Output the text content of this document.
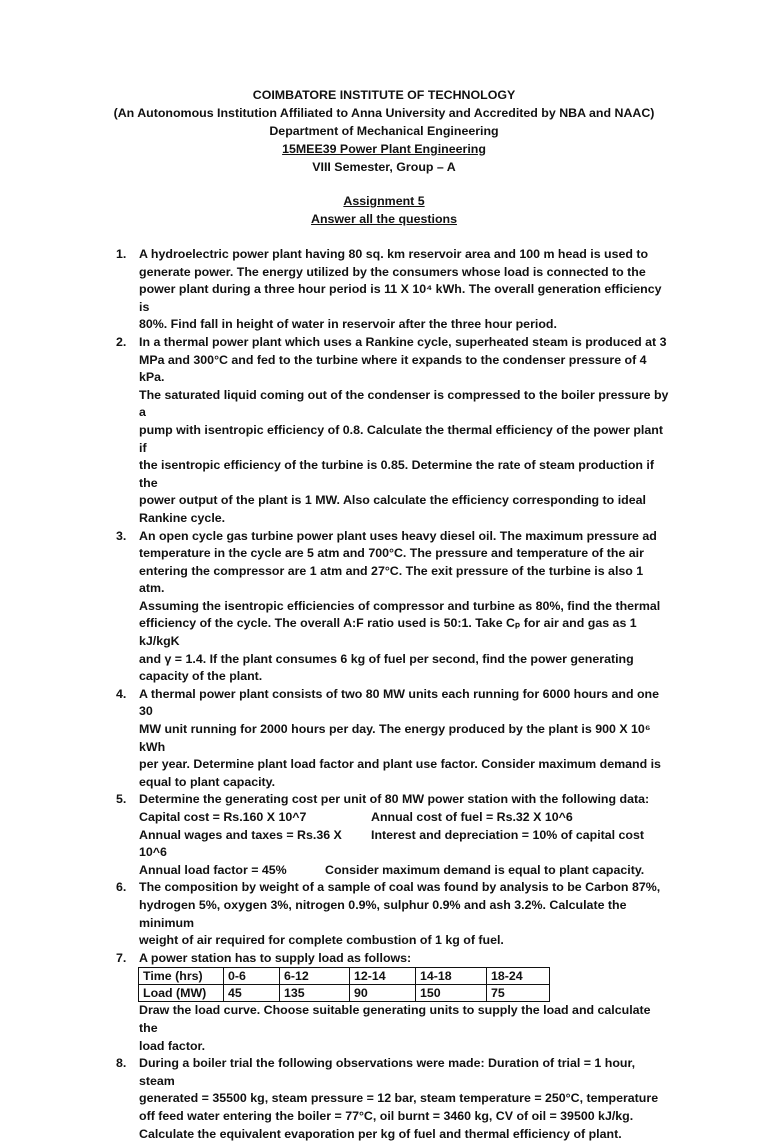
COIMBATORE INSTITUTE OF TECHNOLOGY
(An Autonomous Institution Affiliated to Anna University and Accredited by NBA and NAAC)
Department of Mechanical Engineering
15MEE39 Power Plant Engineering
VIII Semester, Group – A
Assignment 5
Answer all the questions
1. A hydroelectric power plant having 80 sq. km reservoir area and 100 m head is used to
generate power. The energy utilized by the consumers whose load is connected to the
power plant during a three hour period is 11 X 10⁴ kWh. The overall generation efficiency is
80%. Find fall in height of water in reservoir after the three hour period.
2. In a thermal power plant which uses a Rankine cycle, superheated steam is produced at 3
MPa and 300°C and fed to the turbine where it expands to the condenser pressure of 4 kPa.
The saturated liquid coming out of the condenser is compressed to the boiler pressure by a
pump with isentropic efficiency of 0.8. Calculate the thermal efficiency of the power plant if
the isentropic efficiency of the turbine is 0.85. Determine the rate of steam production if the
power output of the plant is 1 MW. Also calculate the efficiency corresponding to ideal
Rankine cycle.
3. An open cycle gas turbine power plant uses heavy diesel oil. The maximum pressure ad
temperature in the cycle are 5 atm and 700°C. The pressure and temperature of the air
entering the compressor are 1 atm and 27°C. The exit pressure of the turbine is also 1 atm.
Assuming the isentropic efficiencies of compressor and turbine as 80%, find the thermal
efficiency of the cycle. The overall A:F ratio used is 50:1. Take Cₚ for air and gas as 1 kJ/kgK
and γ = 1.4. If the plant consumes 6 kg of fuel per second, find the power generating
capacity of the plant.
4. A thermal power plant consists of two 80 MW units each running for 6000 hours and one 30
MW unit running for 2000 hours per day. The energy produced by the plant is 900 X 10⁶ kWh
per year. Determine plant load factor and plant use factor. Consider maximum demand is
equal to plant capacity.
5. Determine the generating cost per unit of 80 MW power station with the following data:
Capital cost = Rs.160 X 10^7	Annual cost of fuel = Rs.32 X 10^6
Annual wages and taxes = Rs.36 X 10^6
Interest and depreciation = 10% of capital cost
Annual load factor = 45%	Consider maximum demand is equal to plant capacity.
6. The composition by weight of a sample of coal was found by analysis to be Carbon 87%,
hydrogen 5%, oxygen 3%, nitrogen 0.9%, sulphur 0.9% and ash 3.2%. Calculate the minimum
weight of air required for complete combustion of 1 kg of fuel.
7. A power station has to supply load as follows:
Time (hrs)	0-6	6-12	12-14	14-18	18-24
Load (MW)	45	135	90	150	75
Draw the load curve. Choose suitable generating units to supply the load and calculate the
load factor.
8. During a boiler trial the following observations were made: Duration of trial = 1 hour, steam
generated = 35500 kg, steam pressure = 12 bar, steam temperature = 250°C, temperature
off feed water entering the boiler = 77°C, oil burnt = 3460 kg, CV of oil = 39500 kJ/kg.
Calculate the equivalent evaporation per kg of fuel and thermal efficiency of plant.
